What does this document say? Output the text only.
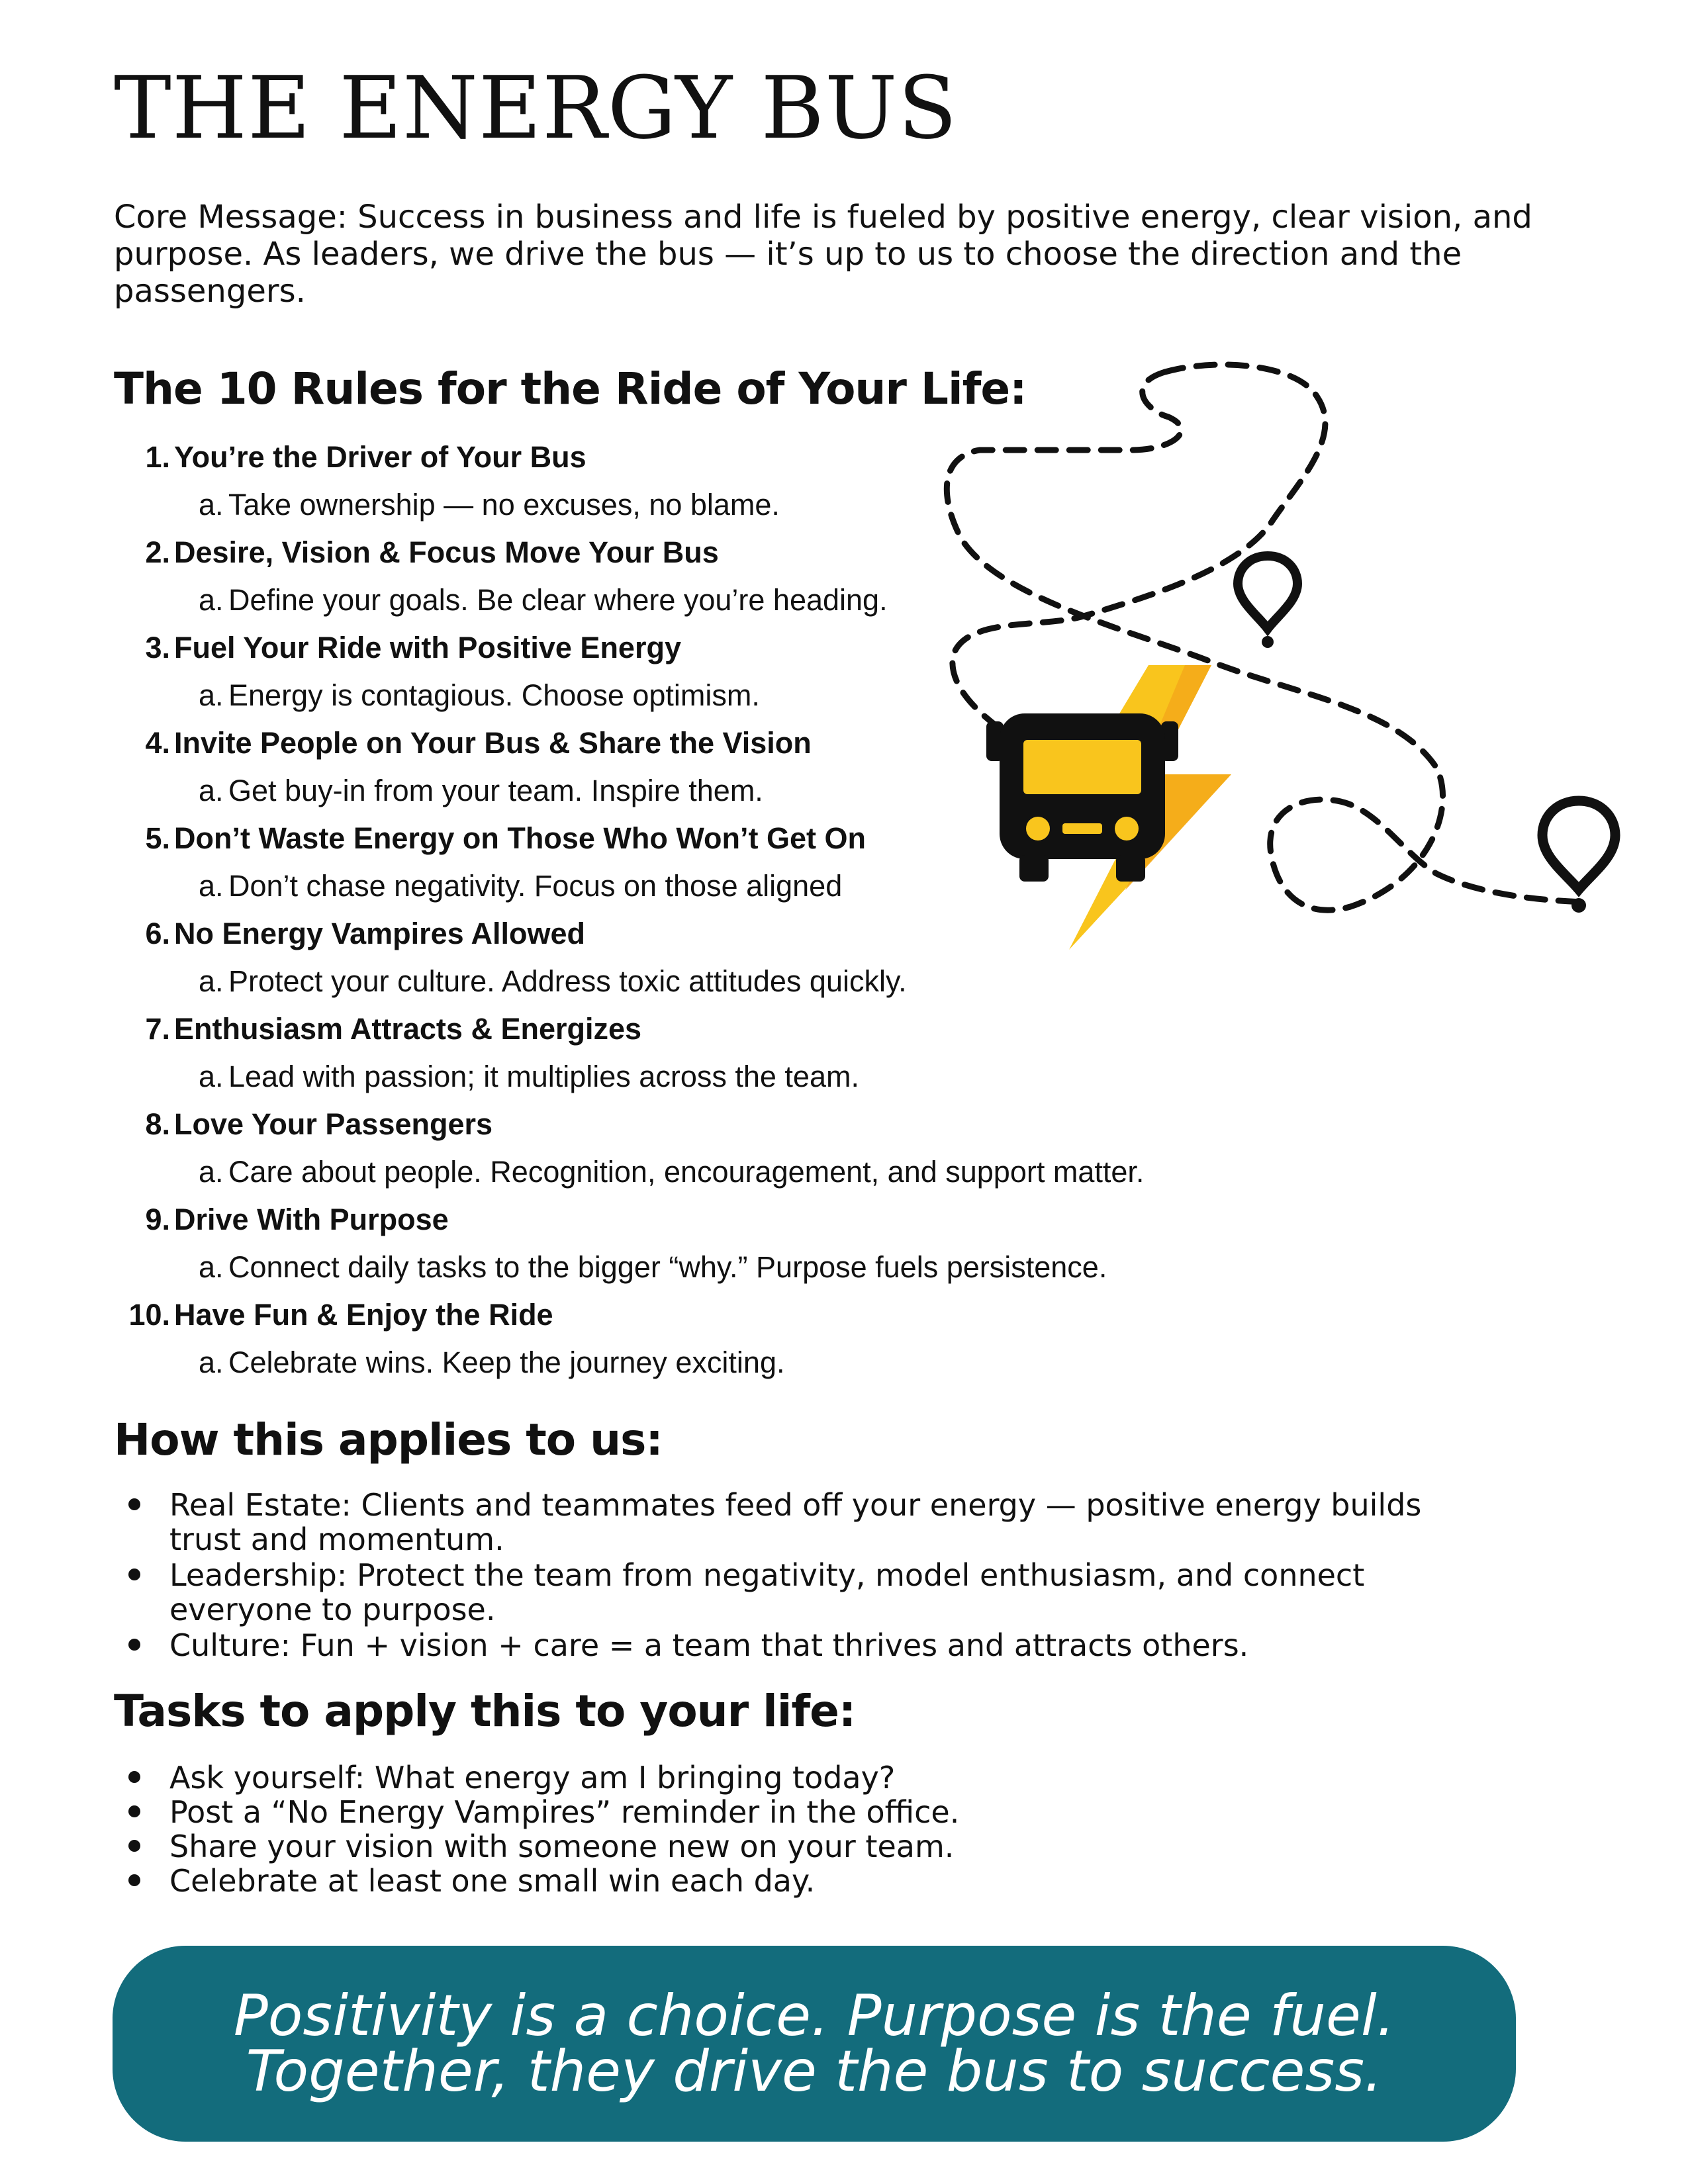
THE ENERGY BUS

Core Message: Success in business and life is fueled by positive energy, clear vision, and purpose. As leaders, we drive the bus — it’s up to us to choose the direction and the passengers.

The 10 Rules for the Ride of Your Life:
1. You’re the Driver of Your Bus
a. Take ownership — no excuses, no blame.
2. Desire, Vision & Focus Move Your Bus
a. Define your goals. Be clear where you’re heading.
3. Fuel Your Ride with Positive Energy
a. Energy is contagious. Choose optimism.
4. Invite People on Your Bus & Share the Vision
a. Get buy-in from your team. Inspire them.
5. Don’t Waste Energy on Those Who Won’t Get On
a. Don’t chase negativity. Focus on those aligned
6. No Energy Vampires Allowed
a. Protect your culture. Address toxic attitudes quickly.
7. Enthusiasm Attracts & Energizes
a. Lead with passion; it multiplies across the team.
8. Love Your Passengers
a. Care about people. Recognition, encouragement, and support matter.
9. Drive With Purpose
a. Connect daily tasks to the bigger “why.” Purpose fuels persistence.
10. Have Fun & Enjoy the Ride
a. Celebrate wins. Keep the journey exciting.
How this applies to us:
Real Estate: Clients and teammates feed off your energy — positive energy builds trust and momentum.
Leadership: Protect the team from negativity, model enthusiasm, and connect everyone to purpose.
Culture: Fun + vision + care = a team that thrives and attracts others.
Tasks to apply this to your life:
Ask yourself: What energy am I bringing today?
Post a “No Energy Vampires” reminder in the office.
Share your vision with someone new on your team.
Celebrate at least one small win each day.
Positivity is a choice. Purpose is the fuel.
Together, they drive the bus to success.
